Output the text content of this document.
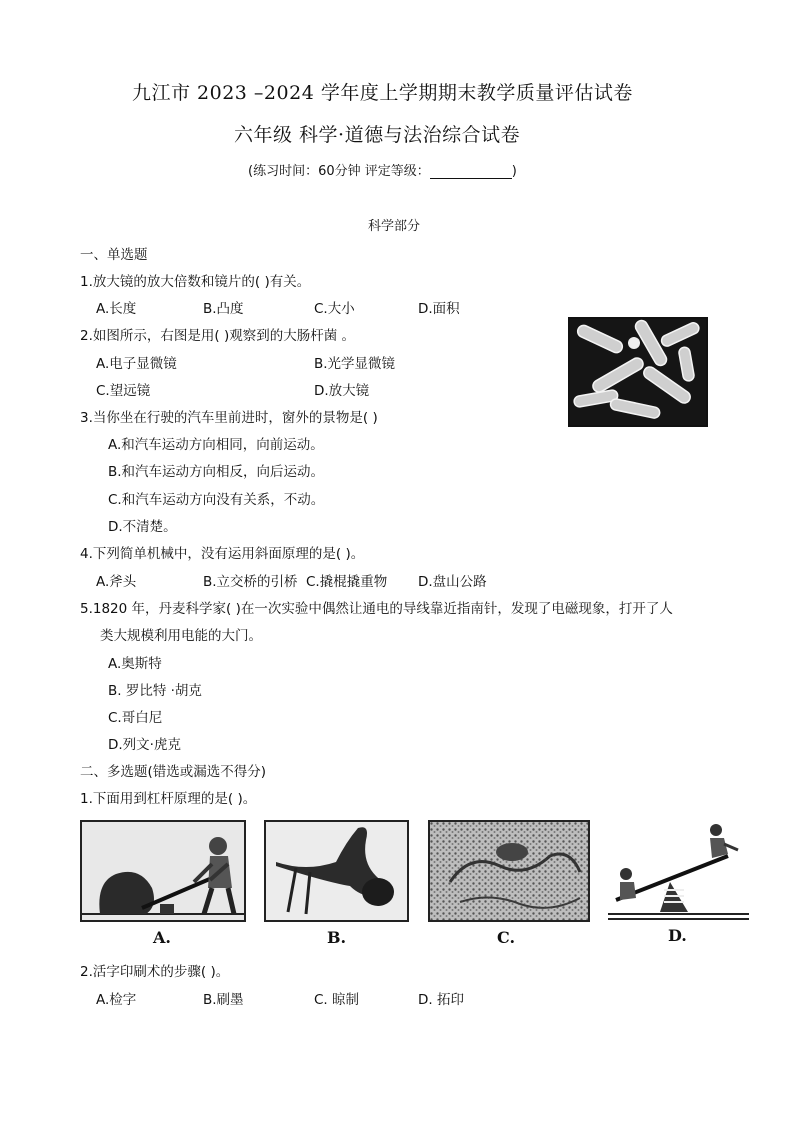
九江市 2023 –2024 学年度上学期期末教学质量评估试卷
六年级 科学·道德与法治综合试卷
(练习时间：60分钟 评定等级：	)
科学部分
一、单选题
1.放大镜的放大倍数和镜片的( )有关。
A.长度	B.凸度	C.大小	D.面积
2.如图所示，右图是用( )观察到的大肠杆菌 。
A.电子显微镜	B.光学显微镜
C.望远镜	D.放大镜
3.当你坐在行驶的汽车里前进时，窗外的景物是( )
A.和汽车运动方向相同，向前运动。
B.和汽车运动方向相反，向后运动。
C.和汽车运动方向没有关系，不动。
D.不清楚。
4.下列简单机械中，没有运用斜面原理的是( )。
A.斧头	B.立交桥的引桥 C.撬棍撬重物 D.盘山公路
5.1820 年，丹麦科学家( )在一次实验中偶然让通电的导线靠近指南针，发现了电磁现象，打开了人
类大规模利用电能的大门。
A.奥斯特
B. 罗比特 ·胡克
C.哥白尼
D.列文·虎克
二、多选题(错选或漏选不得分)
1.下面用到杠杆原理的是( )。
A.	B.	C.	D.
2.活字印刷术的步骤( )。
A.检字	B.刷墨	C. 晾制	D. 拓印
